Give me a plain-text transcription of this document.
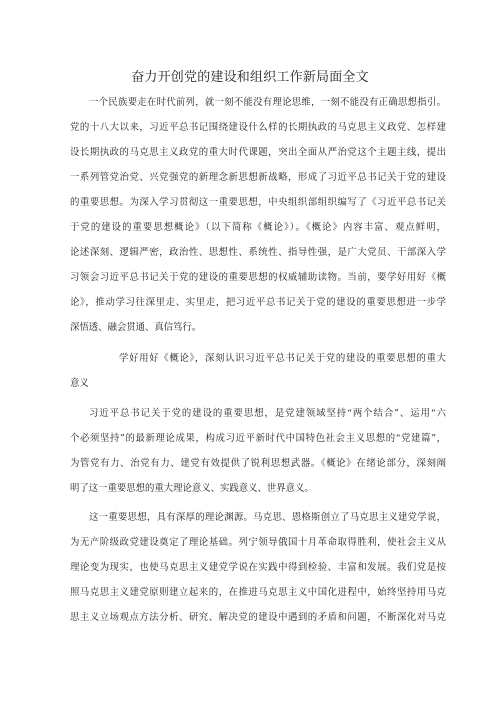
奋力开创党的建设和组织工作新局面全文
一个民族要走在时代前列，就一刻不能没有理论思维，一刻不能没有正确思想指引。
党的十八大以来，习近平总书记围绕建设什么样的长期执政的马克思主义政党、怎样建
设长期执政的马克思主义政党的重大时代课题，突出全面从严治党这个主题主线，提出
一系列管党治党、兴党强党的新理念新思想新战略，形成了习近平总书记关于党的建设
的重要思想。为深入学习贯彻这一重要思想，中央组织部组织编写了《习近平总书记关
于党的建设的重要思想概论》（以下简称《概论》）。《概论》内容丰富、观点鲜明，
论述深刻、逻辑严密，政治性、思想性、系统性、指导性强，是广大党员、干部深入学
习领会习近平总书记关于党的建设的重要思想的权威辅助读物。当前，要学好用好《概
论》，推动学习往深里走、实里走，把习近平总书记关于党的建设的重要思想进一步学
深悟透、融会贯通、真信笃行。
学好用好《概论》，深刻认识习近平总书记关于党的建设的重要思想的重大
意义
习近平总书记关于党的建设的重要思想，是党建领域坚持“两个结合”、运用“六
个必须坚持”的最新理论成果，构成习近平新时代中国特色社会主义思想的“党建篇”，
为管党有力、治党有力、建党有效提供了锐利思想武器。《概论》在绪论部分，深刻阐
明了这一重要思想的重大理论意义、实践意义、世界意义。
这一重要思想，具有深厚的理论渊源。马克思、恩格斯创立了马克思主义建党学说，
为无产阶级政党建设奠定了理论基础。列宁领导俄国十月革命取得胜利，使社会主义从
理论变为现实，也使马克思主义建党学说在实践中得到检验、丰富和发展。我们党是按
照马克思主义建党原则建立起来的，在推进马克思主义中国化进程中，始终坚持用马克
思主义立场观点方法分析、研究、解决党的建设中遇到的矛盾和问题，不断深化对马克
